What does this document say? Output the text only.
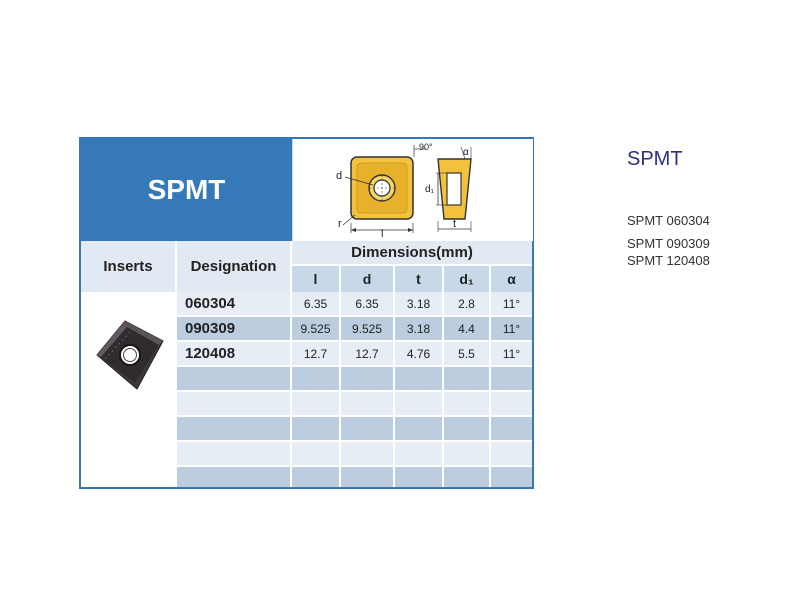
SPMT
90°	α
d
r
l
d₁
t
Inserts	Designation
Dimensions(mm)
l	d	t	d₁	α
060304	6.35	6.35	3.18	2.8	11°
090309	9.525	9.525	3.18	4.4	11°
120408	12.7	12.7	4.76	5.5	11°
SPMT
SPMT 060304
SPMT 090309
SPMT 120408
